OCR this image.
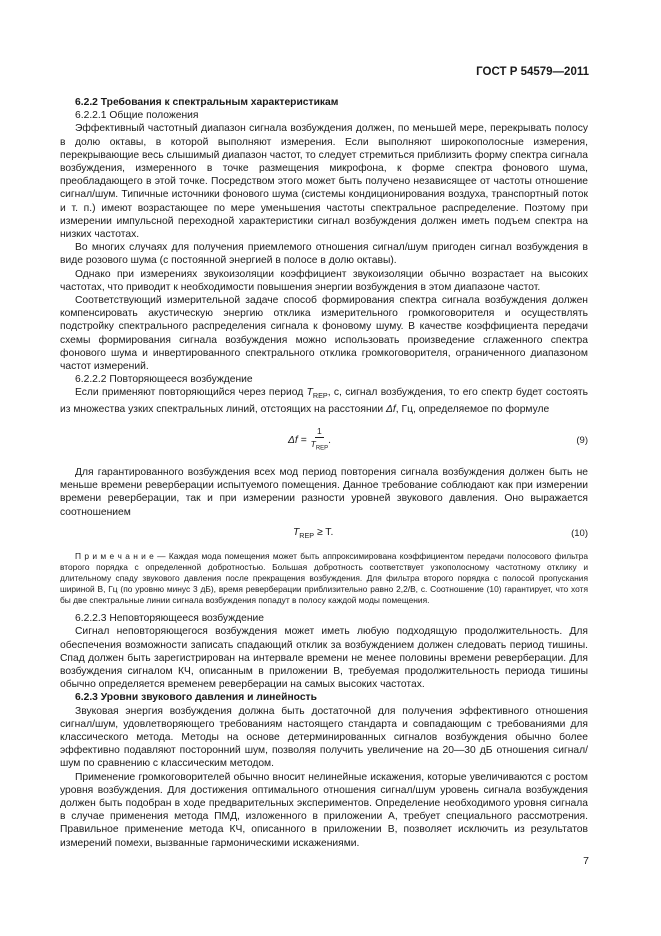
ГОСТ Р 54579—2011

6.2.2 Требования к спектральным характеристикам

6.2.2.1 Общие положения

Эффективный частотный диапазон сигнала возбуждения должен, по меньшей мере, перекрывать полосу в долю октавы, в которой выполняют измерения. Если выполняют широкополосные измерения, перекрывающие весь слышимый диапазон частот, то следует стремиться приблизить форму спектра сигнала возбуждения, измеренного в точке размещения микрофона, к форме спектра фонового шума, преобладающего в этой точке. Посредством этого может быть получено независящее от частоты отношение сигнал/шум. Типичные источники фонового шума (системы кондиционирования воздуха, транспортный поток и т. п.) имеют возрастающее по мере уменьшения частоты спектральное распределение. Поэтому при измерении импульсной переходной характеристики сигнал возбуждения должен иметь подъем спектра на низких частотах.

Во многих случаях для получения приемлемого отношения сигнал/шум пригоден сигнал возбуждения в виде розового шума (с постоянной энергией в полосе в долю октавы).

Однако при измерениях звукоизоляции коэффициент звукоизоляции обычно возрастает на высоких частотах, что приводит к необходимости повышения энергии возбуждения в этом диапазоне частот.

Соответствующий измерительной задаче способ формирования спектра сигнала возбуждения должен компенсировать акустическую энергию отклика измерительного громкоговорителя и осуществлять подстройку спектрального распределения сигнала к фоновому шуму. В качестве коэффициента передачи схемы формирования сигнала возбуждения можно использовать произведение сглаженного спектра фонового шума и инвертированного спектрального отклика громкоговорителя, ограниченного диапазоном частот измерений.

6.2.2.2 Повторяющееся возбуждение

Если применяют повторяющийся через период $T_{REP}$, с, сигнал возбуждения, то его спектр будет состоять из множества узких спектральных линий, отстоящих на расстоянии Δf, Гц, определяемое по формуле

$\Delta f = \frac{1}{T_{REP}}$ .	(9)

Для гарантированного возбуждения всех мод период повторения сигнала возбуждения должен быть не меньше времени реверберации испытуемого помещения. Данное требование соблюдают как при измерении времени реверберации, так и при измерении разности уровней звукового давления. Оно выражается соотношением

$T_{REP} \ge T$.	(10)

П р и м е ч а н и е — Каждая мода помещения может быть аппроксимирована коэффициентом передачи полосового фильтра второго порядка с определенной добротностью. Большая добротность соответствует узкополосному частотному отклику и длительному спаду звукового давления после прекращения возбуждения. Для фильтра второго порядка с полосой пропускания шириной B, Гц (по уровню минус 3 дБ), время реверберации приблизительно равно 2,2/B, с. Соотношение (10) гарантирует, что хотя бы две спектральные линии сигнала возбуждения попадут в полосу каждой моды помещения.

6.2.2.3 Неповторяющееся возбуждение

Сигнал неповторяющегося возбуждения может иметь любую подходящую продолжительность. Для обеспечения возможности записать спадающий отклик за возбуждением должен следовать период тишины. Спад должен быть зарегистрирован на интервале времени не менее половины времени реверберации. Для возбуждения сигналом КЧ, описанным в приложении В, требуемая продолжительность периода тишины обычно определяется временем реверберации на самых высоких частотах.

6.2.3 Уровни звукового давления и линейность

Звуковая энергия возбуждения должна быть достаточной для получения эффективного отношения сигнал/шум, удовлетворяющего требованиям настоящего стандарта и совпадающим с требованиями для классического метода. Методы на основе детерминированных сигналов возбуждения обычно более эффективно подавляют посторонний шум, позволяя получить увеличение на 20—30 дБ отношения сигнал/шум по сравнению с классическим методом.

Применение громкоговорителей обычно вносит нелинейные искажения, которые увеличиваются с ростом уровня возбуждения. Для достижения оптимального отношения сигнал/шум уровень сигнала возбуждения должен быть подобран в ходе предварительных экспериментов. Определение необходимого уровня сигнала в случае применения метода ПМД, изложенного в приложении А, требует специального рассмотрения. Правильное применение метода КЧ, описанного в приложении В, позволяет исключить из результатов измерений помехи, вызванные гармоническими искажениями.

7
